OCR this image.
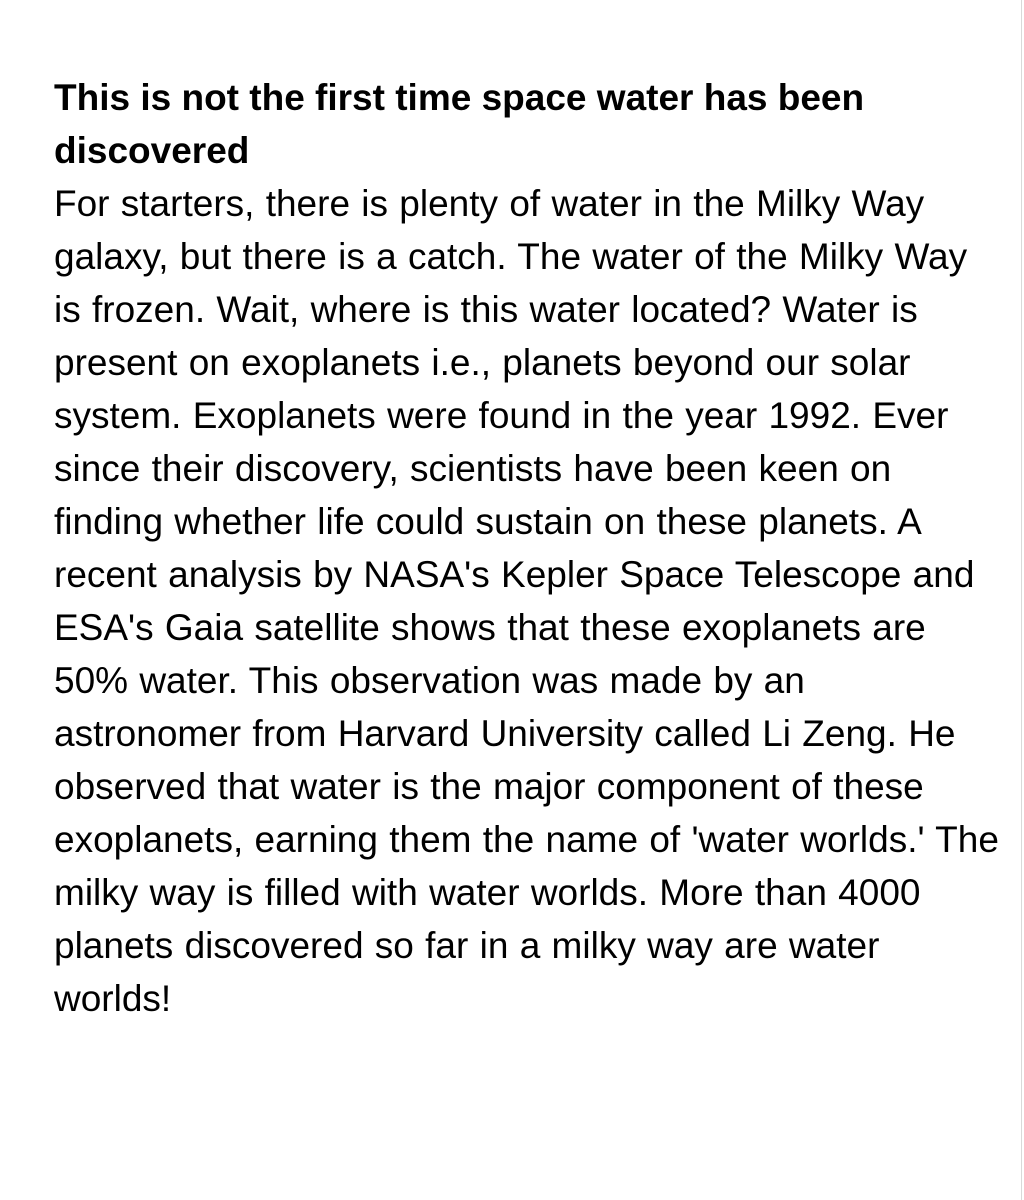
This is not the first time space water has been discovered

For starters, there is plenty of water in the Milky Way galaxy, but there is a catch. The water of the Milky Way is frozen. Wait, where is this water located? Water is present on exoplanets i.e., planets beyond our solar system. Exoplanets were found in the year 1992. Ever since their discovery, scientists have been keen on finding whether life could sustain on these planets. A recent analysis by NASA's Kepler Space Telescope and ESA's Gaia satellite shows that these exoplanets are 50% water. This observation was made by an astronomer from Harvard University called Li Zeng. He observed that water is the major component of these exoplanets, earning them the name of 'water worlds.' The milky way is filled with water worlds. More than 4000 planets discovered so far in a milky way are water worlds!
